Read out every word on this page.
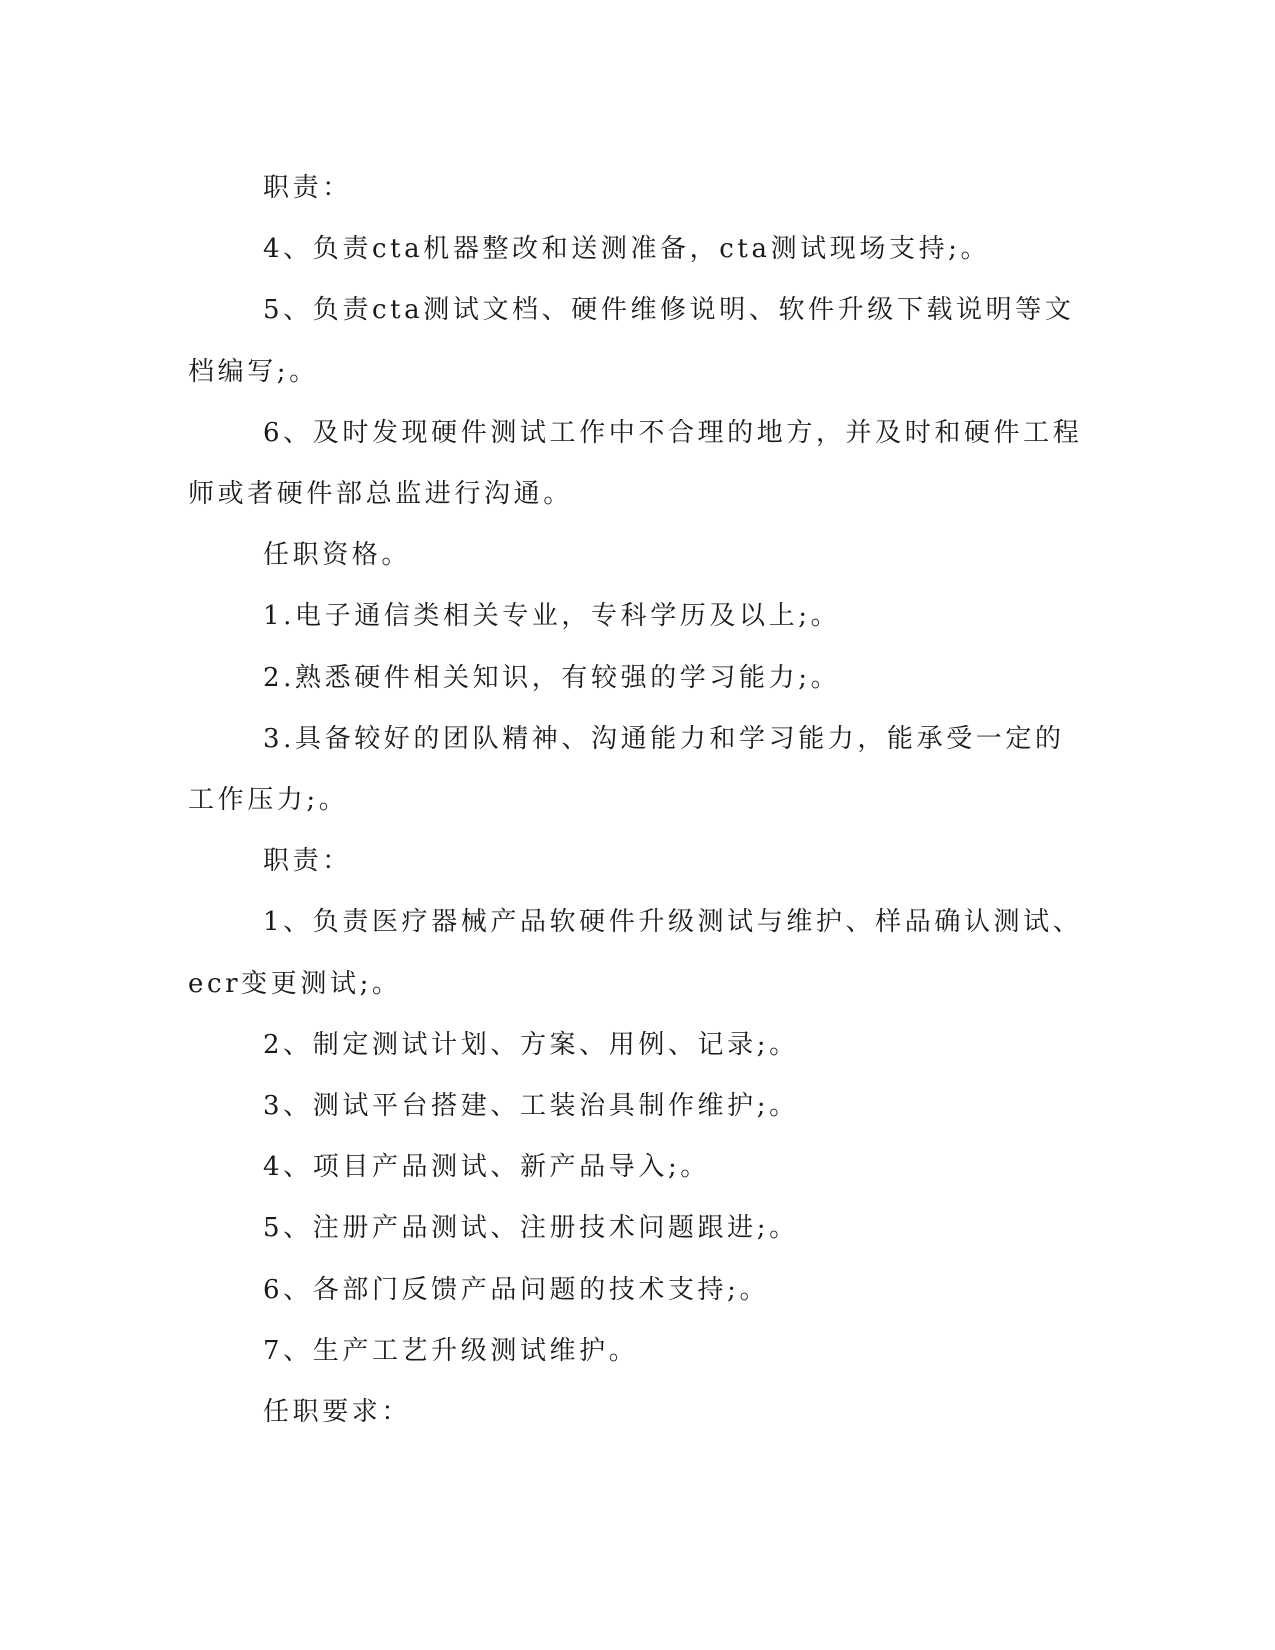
职责：

4、负责cta机器整改和送测准备，cta测试现场支持;。

5、负责cta测试文档、硬件维修说明、软件升级下载说明等文档编写;。

6、及时发现硬件测试工作中不合理的地方，并及时和硬件工程师或者硬件部总监进行沟通。

任职资格。

1.电子通信类相关专业，专科学历及以上;。

2.熟悉硬件相关知识，有较强的学习能力;。

3.具备较好的团队精神、沟通能力和学习能力，能承受一定的工作压力;。

职责：

1、负责医疗器械产品软硬件升级测试与维护、样品确认测试、ecr变更测试;。

2、制定测试计划、方案、用例、记录;。

3、测试平台搭建、工装治具制作维护;。

4、项目产品测试、新产品导入;。

5、注册产品测试、注册技术问题跟进;。

6、各部门反馈产品问题的技术支持;。

7、生产工艺升级测试维护。

任职要求：
